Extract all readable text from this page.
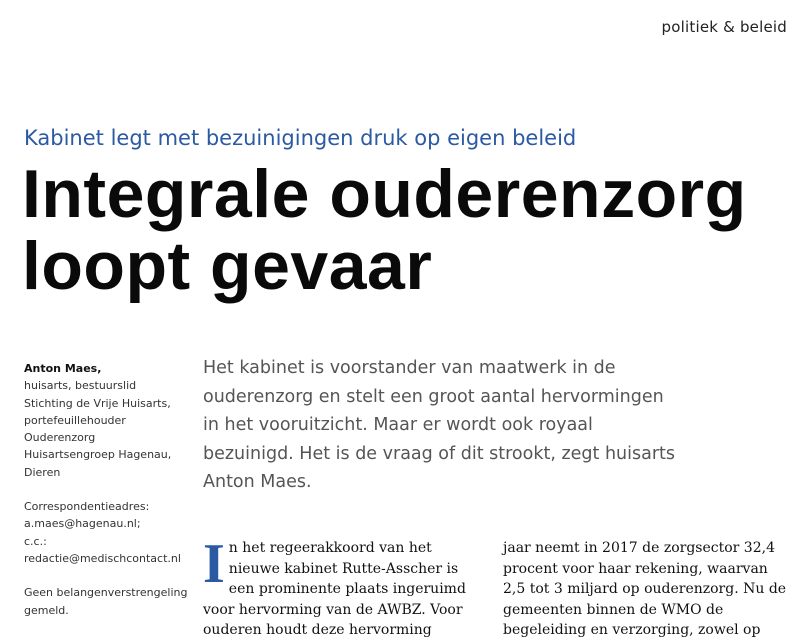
politiek & beleid
Kabinet legt met bezuinigingen druk op eigen beleid
Integrale ouderenzorg
loopt gevaar
Anton Maes,
huisarts, bestuurslid
Stichting de Vrije Huisarts,
portefeuillehouder Ouderenzorg
Huisartsengroep Hagenau,
Dieren
Correspondentieadres:
a.maes@hagenau.nl;
c.c.: redactie@medischcontact.nl
Geen belangenverstrengeling
gemeld.
Het kabinet is voorstander van maatwerk in de ouderenzorg en stelt een groot aantal hervormingen in het vooruitzicht. Maar er wordt ook royaal bezuinigd. Het is de vraag of dit strookt, zegt huisarts Anton Maes.
I n het regeerakkoord van het nieuwe kabinet Rutte-Asscher is een prominente plaats ingeruimd voor hervorming van de AWBZ. Voor ouderen houdt deze hervorming
jaar neemt in 2017 de zorgsector 32,4 procent voor haar rekening, waarvan 2,5 tot 3 miljard op ouderenzorg. Nu de gemeenten binnen de WMO de begeleiding en verzorging, zowel op
